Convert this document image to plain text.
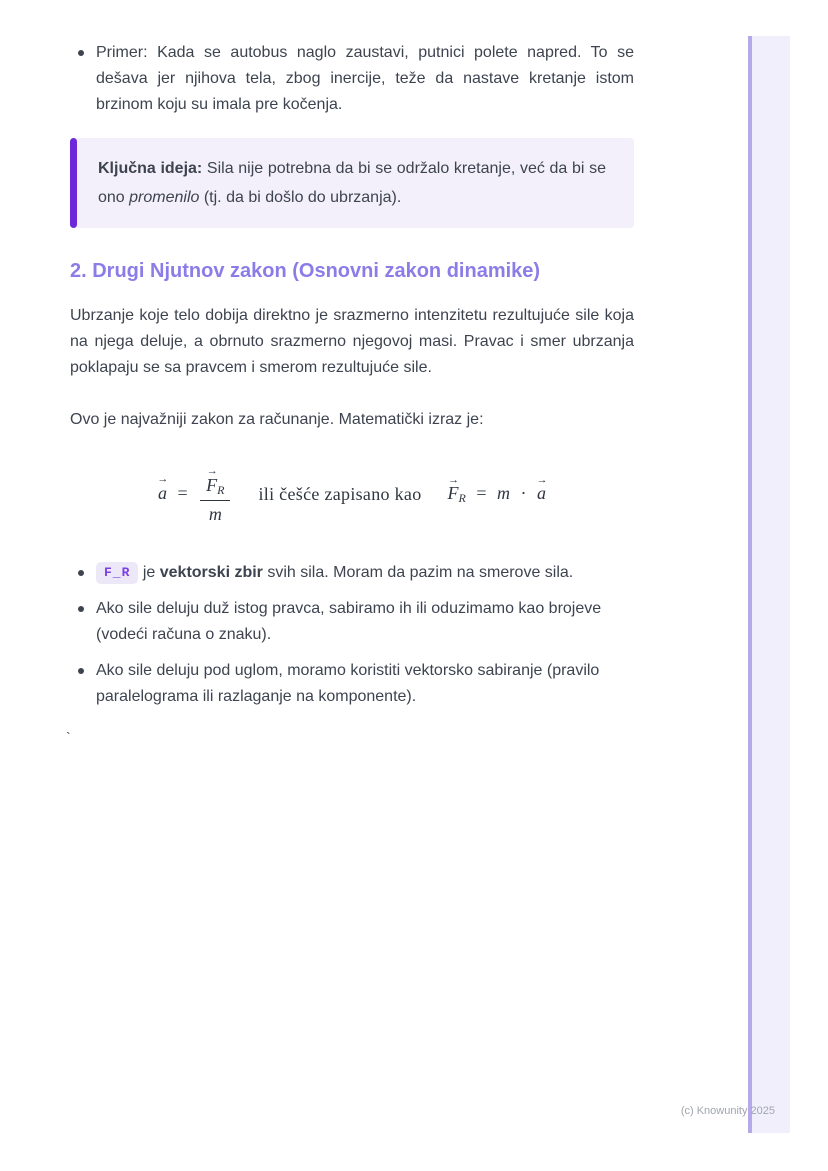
Primer: Kada se autobus naglo zaustavi, putnici polete napred. To se dešava jer njihova tela, zbog inercije, teže da nastave kretanje istom brzinom koju su imala pre kočenja.

Ključna ideja: Sila nije potrebna da bi se održalo kretanje, već da bi se ono promenilo (tj. da bi došlo do ubrzanja).

2. Drugi Njutnov zakon (Osnovni zakon dinamike)

Ubrzanje koje telo dobija direktno je srazmerno intenzitetu rezultujuće sile koja na njega deluje, a obrnuto srazmerno njegovoj masi. Pravac i smer ubrzanja poklapaju se sa pravcem i smerom rezultujuće sile.

Ovo je najvažniji zakon za računanje. Matematički izraz je:

→
a = →
$F_R$
m ili češće zapisano kao
→
$F_R = m$ ·
→
a
F_R je vektorski zbir svih sila. Moram da pazim na smerove sila.
Ako sile deluju duž istog pravca, sabiramo ih ili oduzimamo kao brojeve (vodeći računa o znaku).
Ako sile deluju pod uglom, moramo koristiti vektorsko sabiranje (pravilo paralelograma ili razlaganje na komponente).
`
(c) Knowunity 2025
